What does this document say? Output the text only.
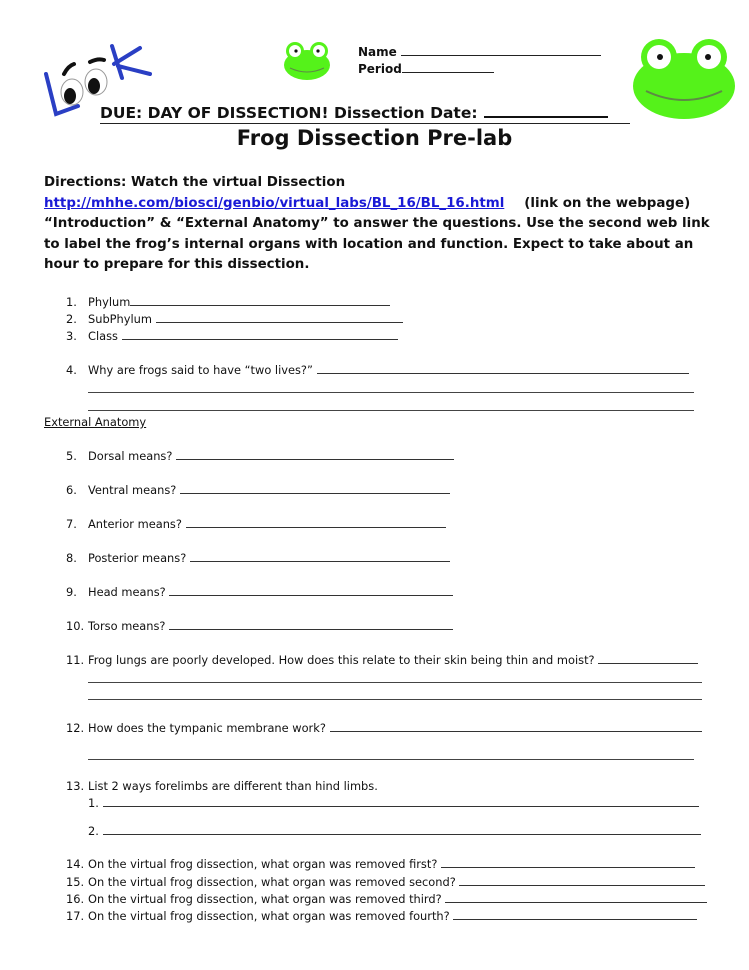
Name
Period
DUE: DAY OF DISSECTION! Dissection Date:
Frog Dissection Pre-lab
Directions: Watch the virtual Dissection
http://mhhe.com/biosci/genbio/virtual_labs/BL_16/BL_16.html (link on the webpage)
“Introduction” & “External Anatomy” to answer the questions. Use the second web link to label the frog’s internal organs with location and function. Expect to take about an hour to prepare for this dissection.
1. Phylum
2. SubPhylum
3. Class
4. Why are frogs said to have “two lives?”
External Anatomy
5. Dorsal means?
6. Ventral means?
7. Anterior means?
8. Posterior means?
9. Head means?
10. Torso means?
11. Frog lungs are poorly developed. How does this relate to their skin being thin and moist?
12. How does the tympanic membrane work?
13. List 2 ways forelimbs are different than hind limbs.
1.
2.
14. On the virtual frog dissection, what organ was removed first?
15. On the virtual frog dissection, what organ was removed second?
16. On the virtual frog dissection, what organ was removed third?
17. On the virtual frog dissection, what organ was removed fourth?
